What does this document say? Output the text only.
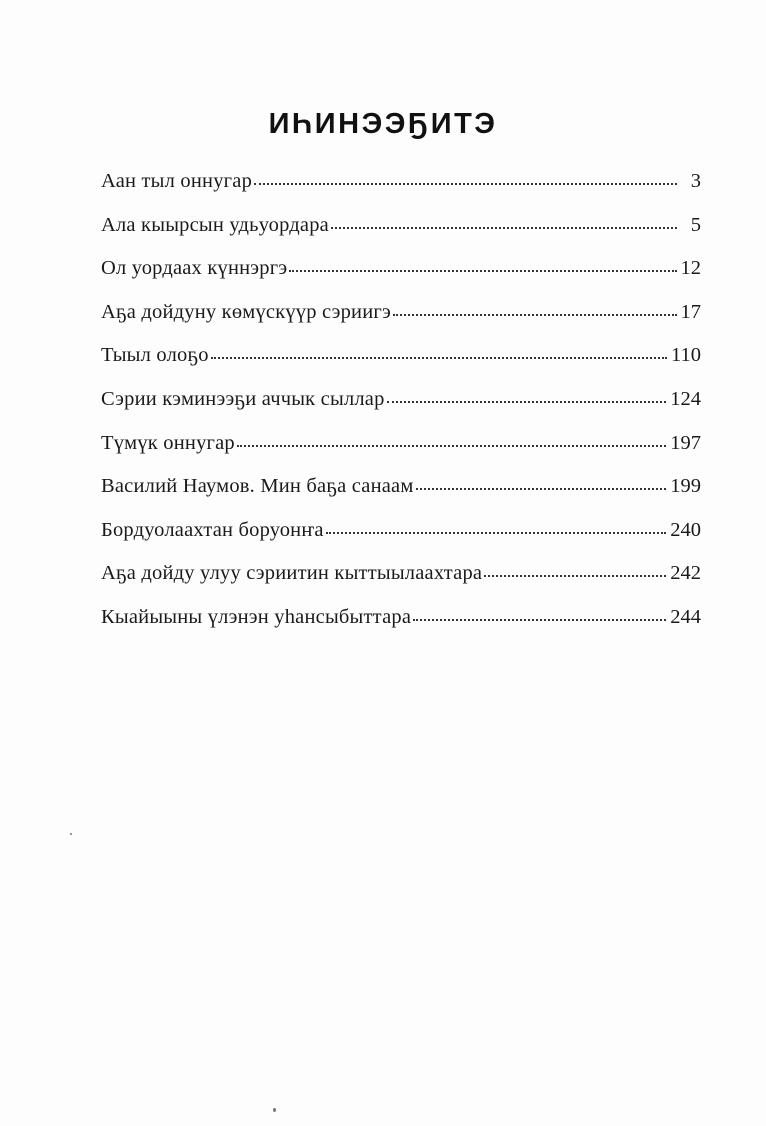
ИҺИНЭЭҔИТЭ
Аан тыл оннугар	3
Ала кыырсын удьуордара	5
Ол уордаах күннэргэ	12
Аҕа дойдуну көмүскүүр сэриигэ	17
Тыыл олоҕо	110
Сэрии кэминээҕи аччык сыллар	124
Түмүк оннугар	197
Василий Наумов. Мин баҕа санаам	199
Бордуолаахтан боруонҥа	240
Аҕа дойду улуу сэриитин кыттыылаахтара	242
Кыайыыны үлэнэн уһансыбыттара	244
